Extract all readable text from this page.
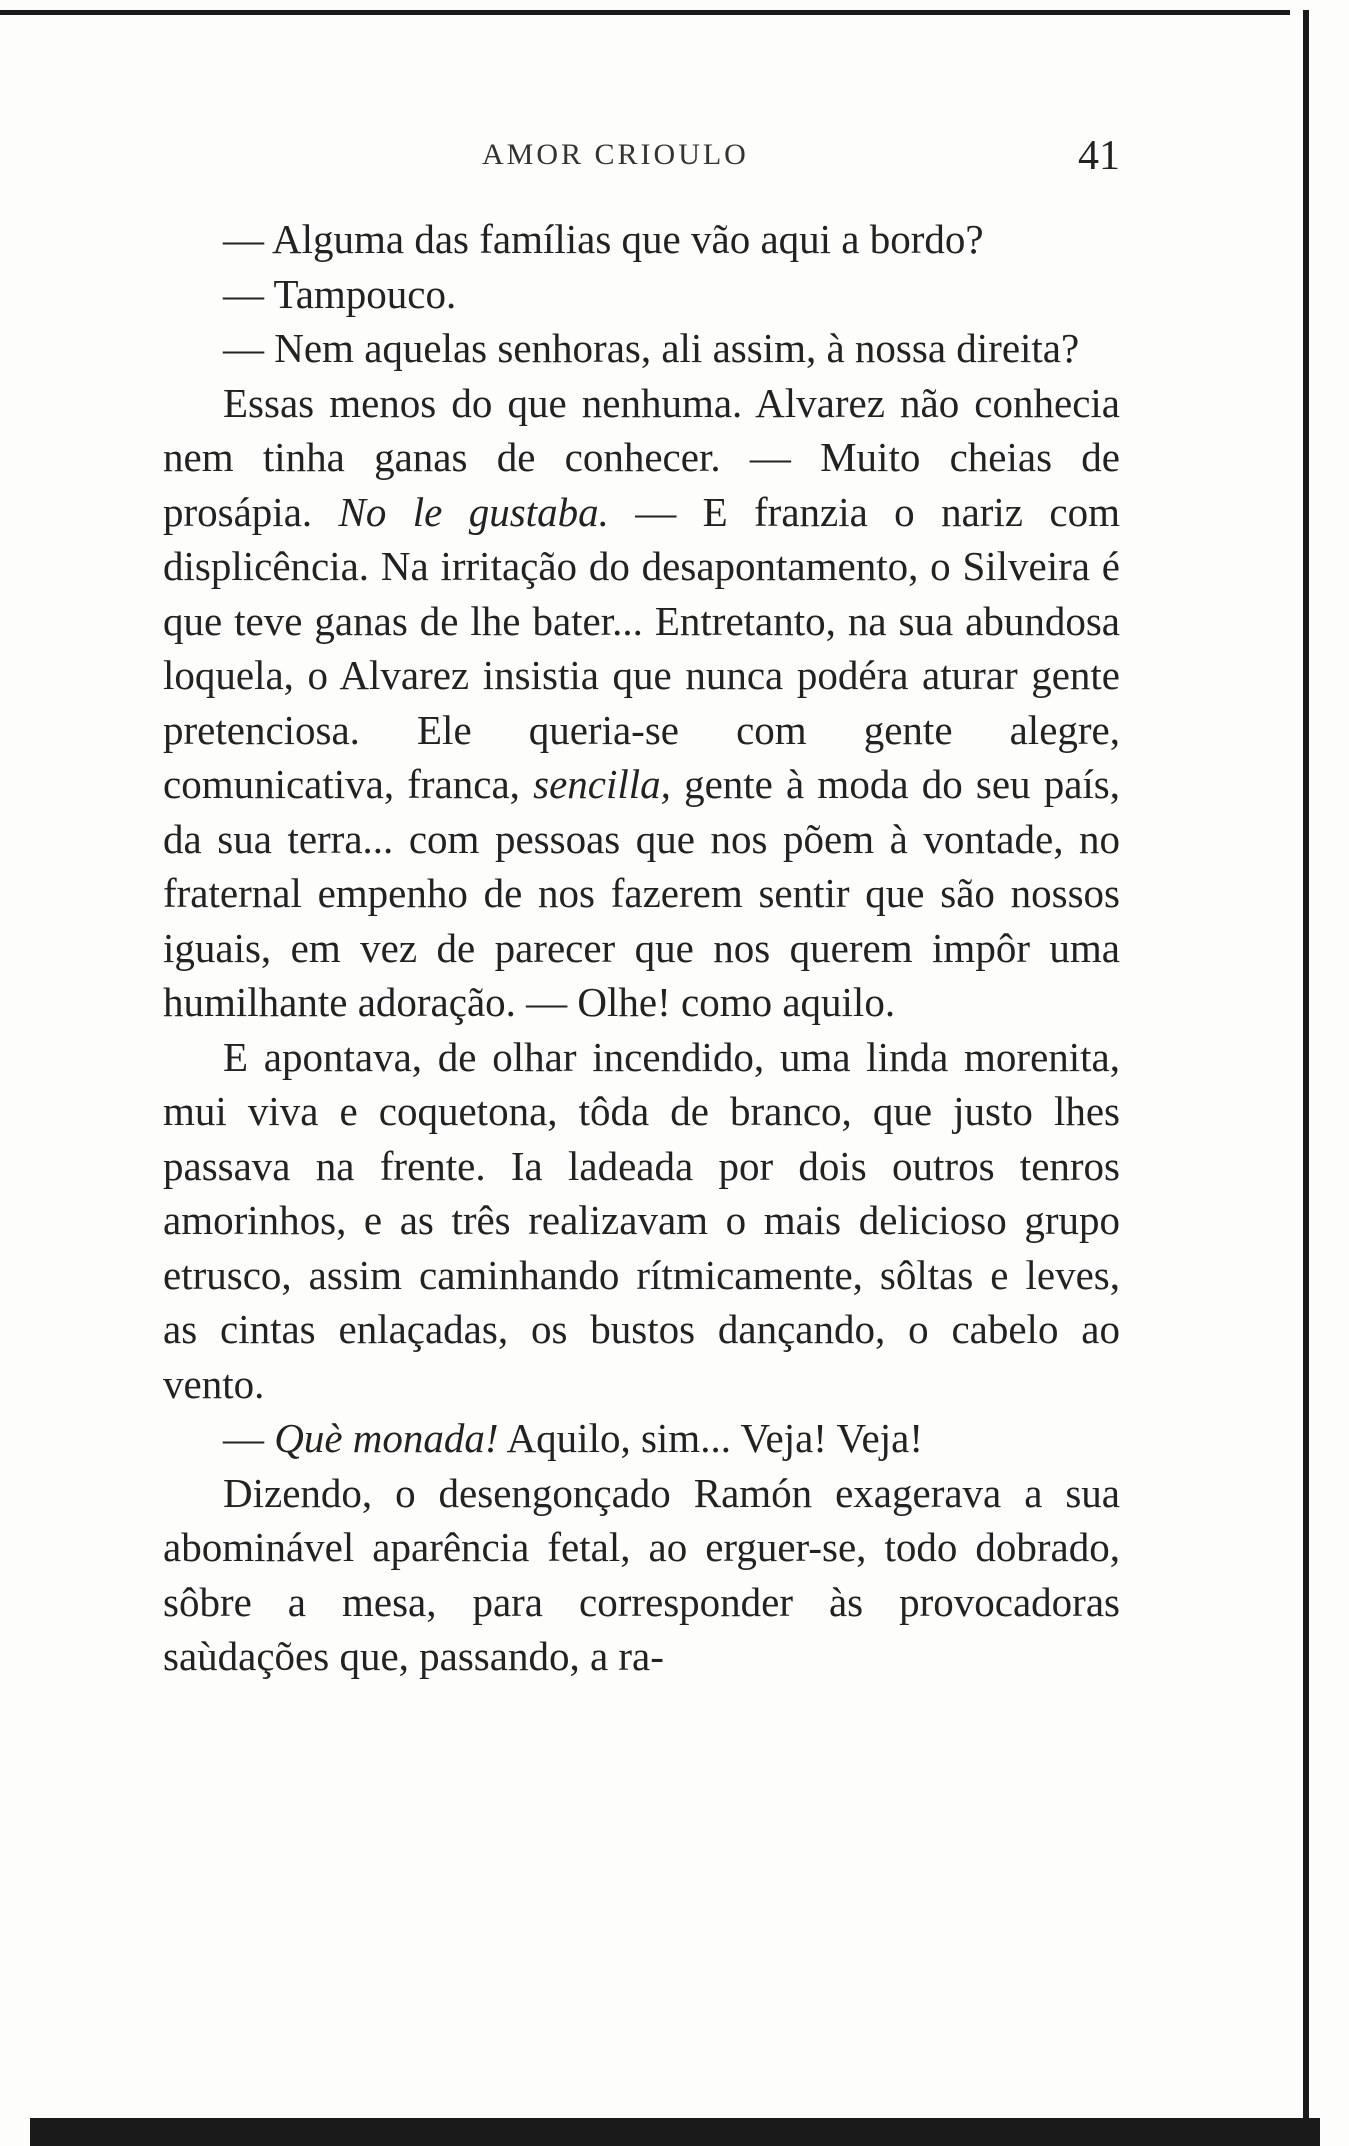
AMOR CRIOULO	41

— Alguma das famílias que vão aqui a bordo?

— Tampouco.

— Nem aquelas senhoras, ali assim, à nossa direita?

Essas menos do que nenhuma. Alvarez não conhecia nem tinha ganas de conhecer. — Muito cheias de prosápia. No le gustaba. — E franzia o nariz com displicência. Na irritação do desapontamento, o Silveira é que teve ganas de lhe bater... Entretanto, na sua abundosa loquela, o Alvarez insistia que nunca podéra aturar gente pretenciosa. Ele queria-se com gente alegre, comunicativa, franca, sencilla, gente à moda do seu país, da sua terra... com pessoas que nos põem à vontade, no fraternal empenho de nos fazerem sentir que são nossos iguais, em vez de parecer que nos querem impôr uma humilhante adoração. — Olhe! como aquilo.

E apontava, de olhar incendido, uma linda morenita, mui viva e coquetona, tôda de branco, que justo lhes passava na frente. Ia ladeada por dois outros tenros amorinhos, e as três realizavam o mais delicioso grupo etrusco, assim caminhando rítmicamente, sôltas e leves, as cintas enlaçadas, os bustos dançando, o cabelo ao vento.

— Què monada! Aquilo, sim... Veja! Veja!

Dizendo, o desengonçado Ramón exagerava a sua abominável aparência fetal, ao erguer-se, todo dobrado, sôbre a mesa, para corresponder às provocadoras saùdações que, passando, a ra-
